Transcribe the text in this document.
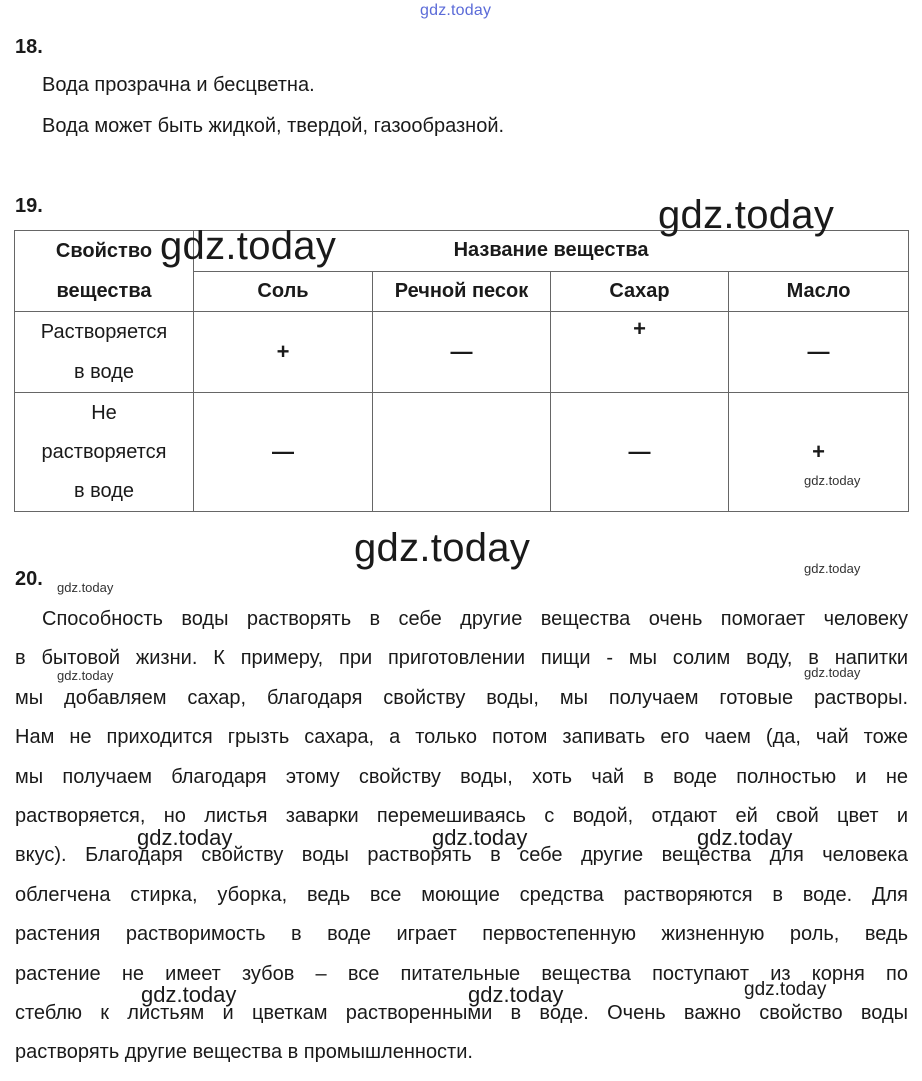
gdz.today
18.
Вода прозрачна и бесцветна.
Вода может быть жидкой, твердой, газообразной.
19.
Свойство
вещества	Название вещества			
	Соль	Речной песок	Сахар	Масло

Растворяется
в воде	+	—	+	—

Не
растворяется
в воде	—		—	+
gdz.today
gdz.today
gdz.today
gdz.today	gdz.today
20. gdz.today
Способность воды растворять в себе другие вещества очень помогает человеку
в бытовой жизни. К примеру, при приготовлении пищи - мы солим воду, в напитки
мы добавляем сахар, благодаря свойству воды, мы получаем готовые растворы.
Нам не приходится грызть сахара, а только потом запивать его чаем (да, чай тоже
мы получаем благодаря этому свойству воды, хоть чай в воде полностью и не
растворяется, но листья заварки перемешиваясь с водой, отдают ей свой цвет и
вкус). Благодаря свойству воды растворять в себе другие вещества для человека
облегчена стирка, уборка, ведь все моющие средства растворяются в воде. Для
растения растворимость в воде играет первостепенную жизненную роль, ведь
растение не имеет зубов – все питательные вещества поступают из корня по
стеблю к листьям и цветкам растворенными в воде. Очень важно свойство воды
растворять другие вещества в промышленности.
gdz.today	gdz.today
gdz.today	gdz.today	gdz.today
gdz.today	gdz.today	gdz.today
